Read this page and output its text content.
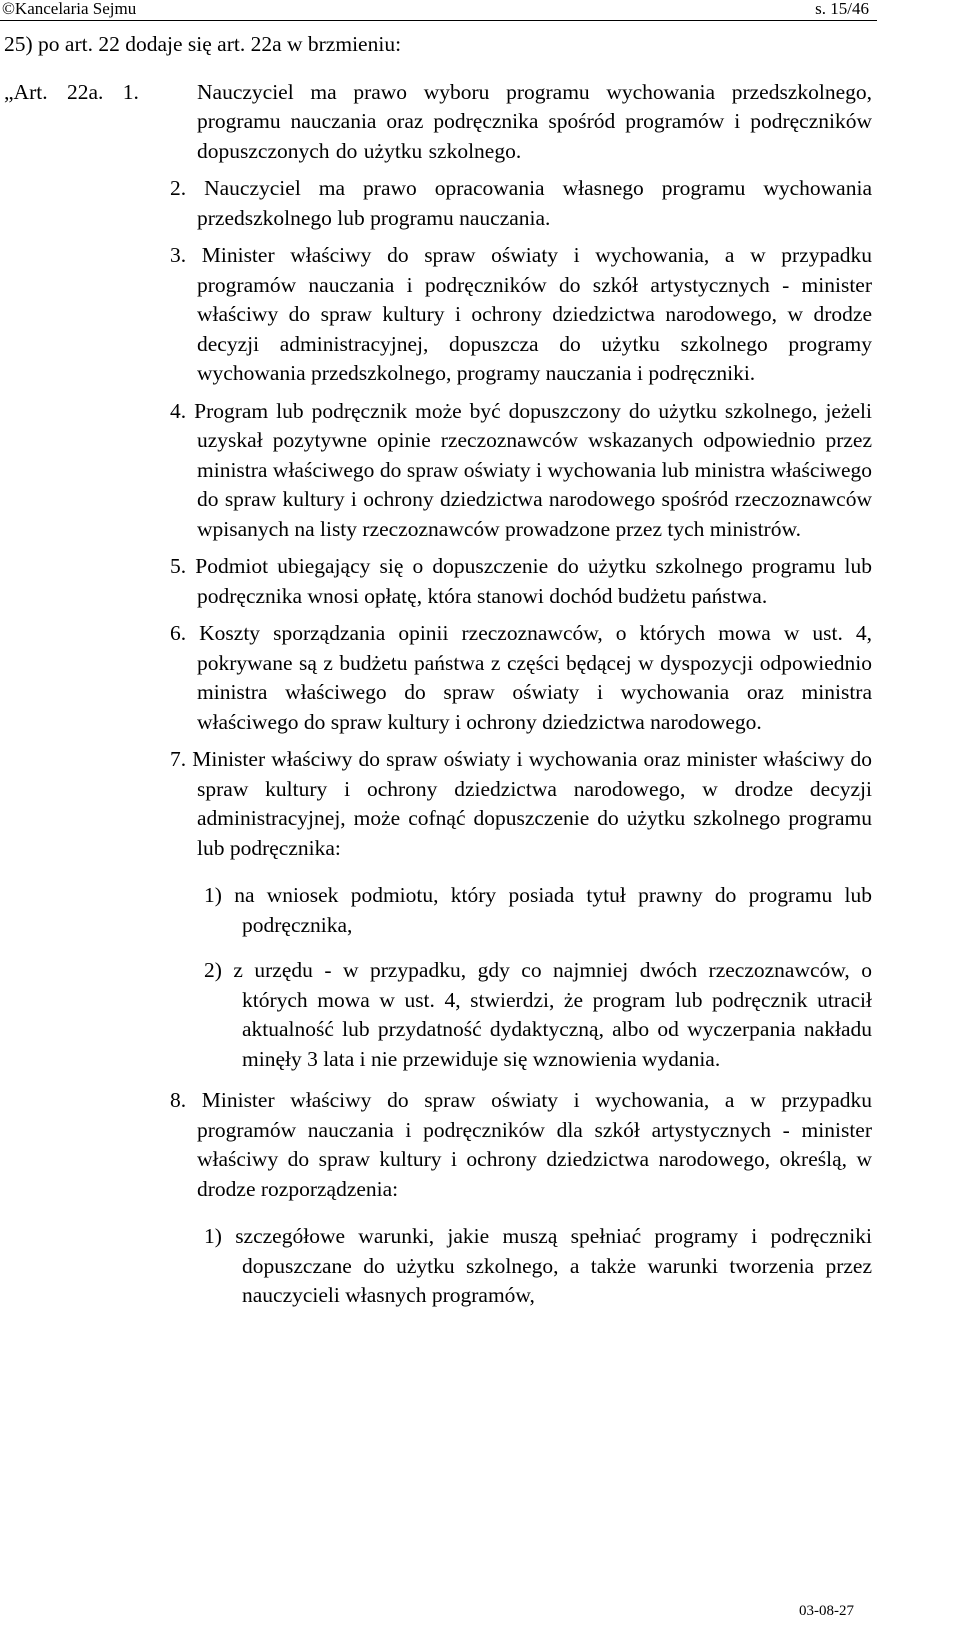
©Kancelaria Sejmu	s. 15/46

25) po art. 22 dodaje się art. 22a w brzmieniu:

„Art. 22a. 1.	Nauczyciel ma prawo wyboru programu wychowania przedszkolnego, programu nauczania oraz podręcznika spośród programów i podręczników dopuszczonych do użytku szkolnego.

2. Nauczyciel ma prawo opracowania własnego programu wychowania przedszkolnego lub programu nauczania.

3. Minister właściwy do spraw oświaty i wychowania, a w przypadku programów nauczania i podręczników do szkół artystycznych - minister właściwy do spraw kultury i ochrony dziedzictwa narodowego, w drodze decyzji administracyjnej, dopuszcza do użytku szkolnego programy wychowania przedszkolnego, programy nauczania i podręczniki.

4. Program lub podręcznik może być dopuszczony do użytku szkolnego, jeżeli uzyskał pozytywne opinie rzeczoznawców wskazanych odpowiednio przez ministra właściwego do spraw oświaty i wychowania lub ministra właściwego do spraw kultury i ochrony dziedzictwa narodowego spośród rzeczoznawców wpisanych na listy rzeczoznawców prowadzone przez tych ministrów.

5. Podmiot ubiegający się o dopuszczenie do użytku szkolnego programu lub podręcznika wnosi opłatę, która stanowi dochód budżetu państwa.

6. Koszty sporządzania opinii rzeczoznawców, o których mowa w ust. 4, pokrywane są z budżetu państwa z części będącej w dyspozycji odpowiednio ministra właściwego do spraw oświaty i wychowania oraz ministra właściwego do spraw kultury i ochrony dziedzictwa narodowego.

7. Minister właściwy do spraw oświaty i wychowania oraz minister właściwy do spraw kultury i ochrony dziedzictwa narodowego, w drodze decyzji administracyjnej, może cofnąć dopuszczenie do użytku szkolnego programu lub podręcznika:

1) na wniosek podmiotu, który posiada tytuł prawny do programu lub podręcznika,

2) z urzędu - w przypadku, gdy co najmniej dwóch rzeczoznawców, o których mowa w ust. 4, stwierdzi, że program lub podręcznik utracił aktualność lub przydatność dydaktyczną, albo od wyczerpania nakładu minęły 3 lata i nie przewiduje się wznowienia wydania.

8. Minister właściwy do spraw oświaty i wychowania, a w przypadku programów nauczania i podręczników dla szkół artystycznych - minister właściwy do spraw kultury i ochrony dziedzictwa narodowego, określą, w drodze rozporządzenia:

1) szczegółowe warunki, jakie muszą spełniać programy i podręczniki dopuszczane do użytku szkolnego, a także warunki tworzenia przez nauczycieli własnych programów,

03-08-27
